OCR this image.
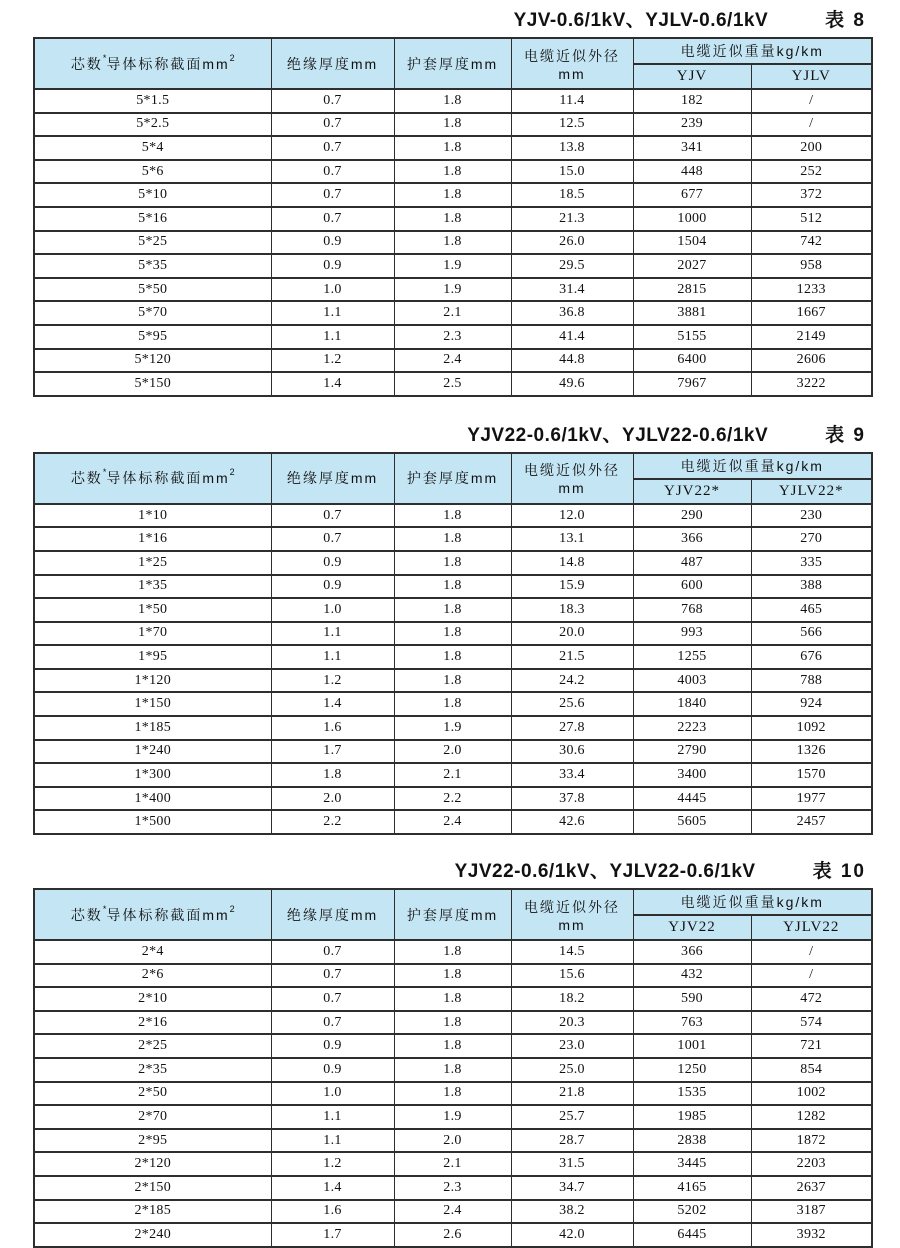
YJV-0.6/1kV、YJLV-0.6/1kV	表 8
芯数*导体标称截面$mm^2$	绝缘厚度mm	护套厚度mm	电缆近似外径mm	电缆近似重量kg/km	
				YJV	YJLV
5*1.5	0.7	1.8	11.4	182	/
5*2.5	0.7	1.8	12.5	239	/
5*4	0.7	1.8	13.8	341	200
5*6	0.7	1.8	15.0	448	252
5*10	0.7	1.8	18.5	677	372
5*16	0.7	1.8	21.3	1000	512
5*25	0.9	1.8	26.0	1504	742
5*35	0.9	1.9	29.5	2027	958
5*50	1.0	1.9	31.4	2815	1233
5*70	1.1	2.1	36.8	3881	1667
5*95	1.1	2.3	41.4	5155	2149
5*120	1.2	2.4	44.8	6400	2606
5*150	1.4	2.5	49.6	7967	3222
YJV22-0.6/1kV、YJLV22-0.6/1kV	表 9
芯数*导体标称截面$mm^2$	绝缘厚度mm	护套厚度mm	电缆近似外径mm	电缆近似重量kg/km	
				YJV22*	YJLV22*
1*10	0.7	1.8	12.0	290	230
1*16	0.7	1.8	13.1	366	270
1*25	0.9	1.8	14.8	487	335
1*35	0.9	1.8	15.9	600	388
1*50	1.0	1.8	18.3	768	465
1*70	1.1	1.8	20.0	993	566
1*95	1.1	1.8	21.5	1255	676
1*120	1.2	1.8	24.2	4003	788
1*150	1.4	1.8	25.6	1840	924
1*185	1.6	1.9	27.8	2223	1092
1*240	1.7	2.0	30.6	2790	1326
1*300	1.8	2.1	33.4	3400	1570
1*400	2.0	2.2	37.8	4445	1977
1*500	2.2	2.4	42.6	5605	2457
YJV22-0.6/1kV、YJLV22-0.6/1kV	表 10
芯数*导体标称截面$mm^2$	绝缘厚度mm	护套厚度mm	电缆近似外径mm	电缆近似重量kg/km	
				YJV22	YJLV22
2*4	0.7	1.8	14.5	366	/
2*6	0.7	1.8	15.6	432	/
2*10	0.7	1.8	18.2	590	472
2*16	0.7	1.8	20.3	763	574
2*25	0.9	1.8	23.0	1001	721
2*35	0.9	1.8	25.0	1250	854
2*50	1.0	1.8	21.8	1535	1002
2*70	1.1	1.9	25.7	1985	1282
2*95	1.1	2.0	28.7	2838	1872
2*120	1.2	2.1	31.5	3445	2203
2*150	1.4	2.3	34.7	4165	2637
2*185	1.6	2.4	38.2	5202	3187
2*240	1.7	2.6	42.0	6445	3932
